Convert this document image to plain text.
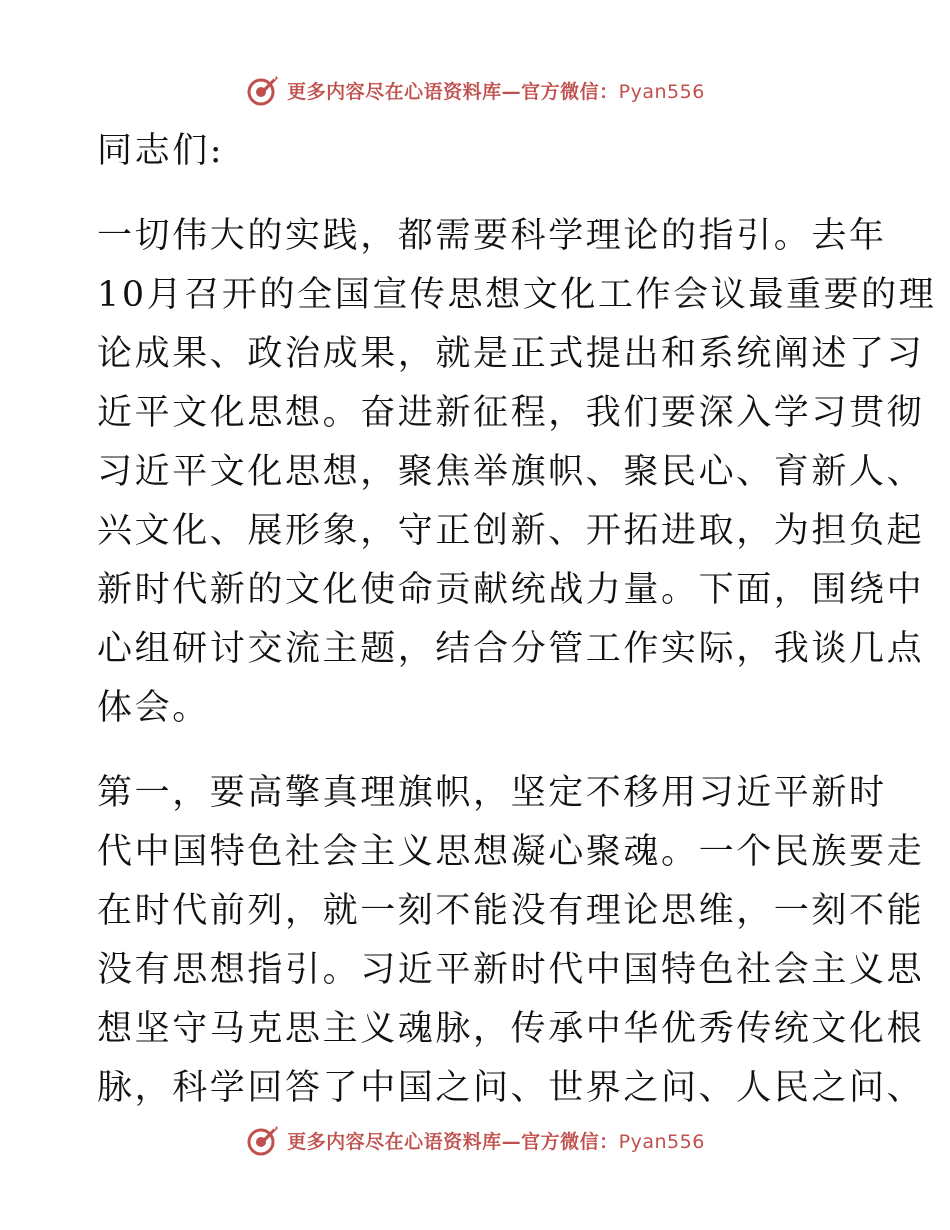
更多内容尽在心语资料库—官方微信：Pyan556
同志们:
一切伟大的实践，都需要科学理论的指引。去年
10月召开的全国宣传思想文化工作会议最重要的理
论成果、政治成果，就是正式提出和系统阐述了习
近平文化思想。奋进新征程，我们要深入学习贯彻
习近平文化思想，聚焦举旗帜、聚民心、育新人、
兴文化、展形象，守正创新、开拓进取，为担负起
新时代新的文化使命贡献统战力量。下面，围绕中
心组研讨交流主题，结合分管工作实际，我谈几点
体会。
第一，要高擎真理旗帜，坚定不移用习近平新时
代中国特色社会主义思想凝心聚魂。一个民族要走
在时代前列，就一刻不能没有理论思维，一刻不能
没有思想指引。习近平新时代中国特色社会主义思
想坚守马克思主义魂脉，传承中华优秀传统文化根
脉，科学回答了中国之问、世界之问、人民之问、
更多内容尽在心语资料库—官方微信：Pyan556
